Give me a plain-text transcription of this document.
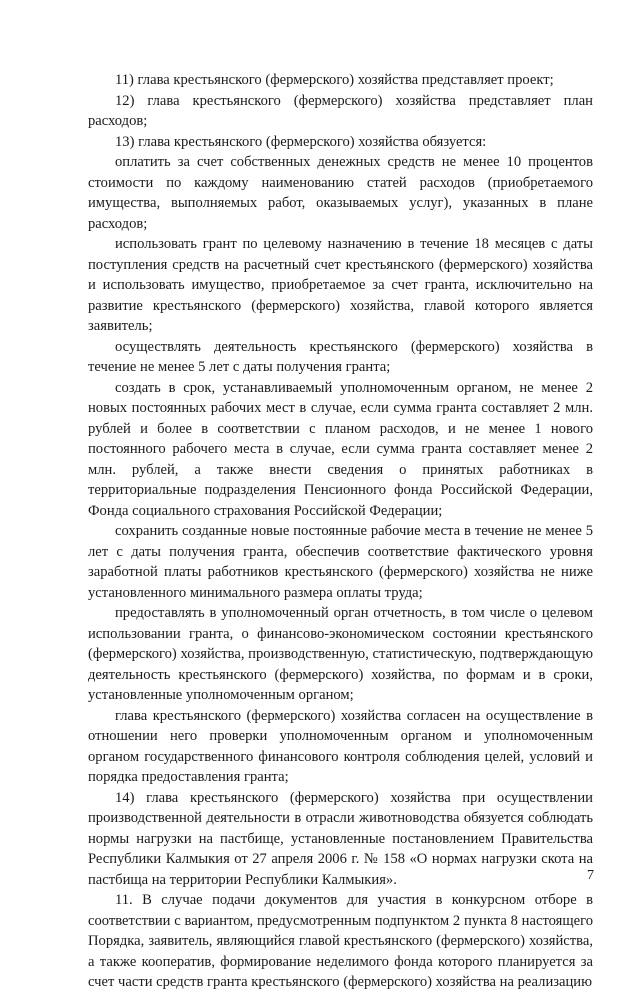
11) глава крестьянского (фермерского) хозяйства представляет проект;

12) глава крестьянского (фермерского) хозяйства представляет план расходов;

13) глава крестьянского (фермерского) хозяйства обязуется:

оплатить за счет собственных денежных средств не менее 10 процентов стоимости по каждому наименованию статей расходов (приобретаемого имущества, выполняемых работ, оказываемых услуг), указанных в плане расходов;

использовать грант по целевому назначению в течение 18 месяцев с даты поступления средств на расчетный счет крестьянского (фермерского) хозяйства и использовать имущество, приобретаемое за счет гранта, исключительно на развитие крестьянского (фермерского) хозяйства, главой которого является заявитель;

осуществлять деятельность крестьянского (фермерского) хозяйства в течение не менее 5 лет с даты получения гранта;

создать в срок, устанавливаемый уполномоченным органом, не менее 2 новых постоянных рабочих мест в случае, если сумма гранта составляет 2 млн. рублей и более в соответствии с планом расходов, и не менее 1 нового постоянного рабочего места в случае, если сумма гранта составляет менее 2 млн. рублей, а также внести сведения о принятых работниках в территориальные подразделения Пенсионного фонда Российской Федерации, Фонда социального страхования Российской Федерации;

сохранить созданные новые постоянные рабочие места в течение не менее 5 лет с даты получения гранта, обеспечив соответствие фактического уровня заработной платы работников крестьянского (фермерского) хозяйства не ниже установленного минимального размера оплаты труда;

предоставлять в уполномоченный орган отчетность, в том числе о целевом использовании гранта, о финансово-экономическом состоянии крестьянского (фермерского) хозяйства, производственную, статистическую, подтверждающую деятельность крестьянского (фермерского) хозяйства, по формам и в сроки, установленные уполномоченным органом;

глава крестьянского (фермерского) хозяйства согласен на осуществление в отношении него проверки уполномоченным органом и уполномоченным органом государственного финансового контроля соблюдения целей, условий и порядка предоставления гранта;

14) глава крестьянского (фермерского) хозяйства при осуществлении производственной деятельности в отрасли животноводства обязуется соблюдать нормы нагрузки на пастбище, установленные постановлением Правительства Республики Калмыкия от 27 апреля 2006 г. № 158 «О нормах нагрузки скота на пастбища на территории Республики Калмыкия».

11. В случае подачи документов для участия в конкурсном отборе в соответствии с вариантом, предусмотренным подпунктом 2 пункта 8 настоящего Порядка, заявитель, являющийся главой крестьянского (фермерского) хозяйства, а также кооператив, формирование неделимого фонда которого планируется за счет части средств гранта крестьянского (фермерского) хозяйства на реализацию

7
